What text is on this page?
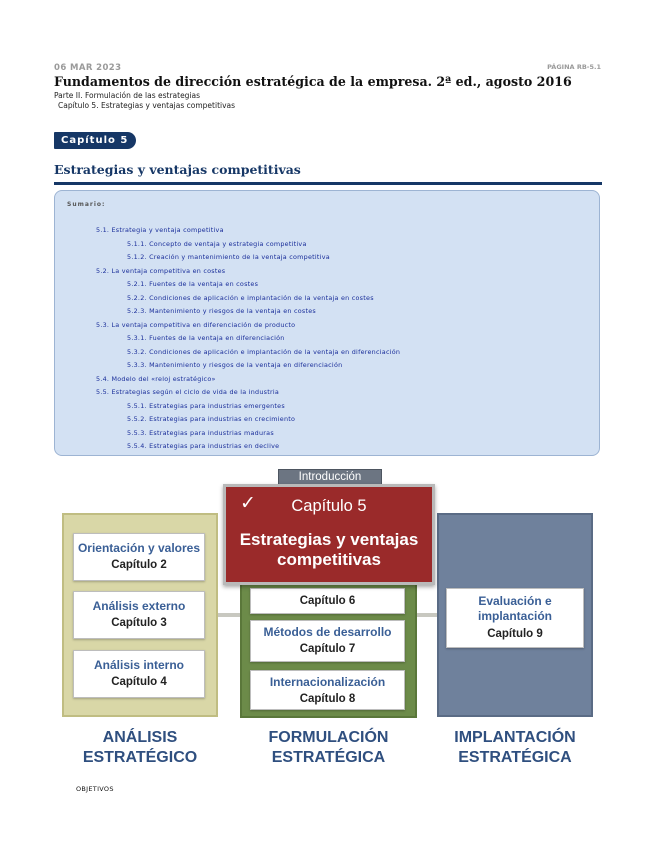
06 MAR 2023	PÁGINA RB-5.1
Fundamentos de dirección estratégica de la empresa. 2ª ed., agosto 2016
Parte II. Formulación de las estrategias
Capítulo 5. Estrategias y ventajas competitivas
Capítulo 5
Estrategias y ventajas competitivas
Sumario:
5.1. Estrategia y ventaja competitiva
5.1.1. Concepto de ventaja y estrategia competitiva
5.1.2. Creación y mantenimiento de la ventaja competitiva
5.2. La ventaja competitiva en costes
5.2.1. Fuentes de la ventaja en costes
5.2.2. Condiciones de aplicación e implantación de la ventaja en costes
5.2.3. Mantenimiento y riesgos de la ventaja en costes
5.3. La ventaja competitiva en diferenciación de producto
5.3.1. Fuentes de la ventaja en diferenciación
5.3.2. Condiciones de aplicación e implantación de la ventaja en diferenciación
5.3.3. Mantenimiento y riesgos de la ventaja en diferenciación
5.4. Modelo del «reloj estratégico»
5.5. Estrategias según el ciclo de vida de la industria
5.5.1. Estrategias para industrias emergentes
5.5.2. Estrategias para industrias en crecimiento
5.5.3. Estrategias para industrias maduras
5.5.4. Estrategias para industrias en declive
Introducción
Orientación y valores
Capítulo 2
Análisis externo
Capítulo 3
Análisis interno
Capítulo 4
Capítulo 6
Métodos de desarrollo
Capítulo 7
Internacionalización
Capítulo 8
Evaluación e implantación
Capítulo 9
✓	Capítulo 5
Estrategias y ventajas competitivas
ANÁLISIS ESTRATÉGICO
FORMULACIÓN ESTRATÉGICA
IMPLANTACIÓN ESTRATÉGICA
OBJETIVOS
